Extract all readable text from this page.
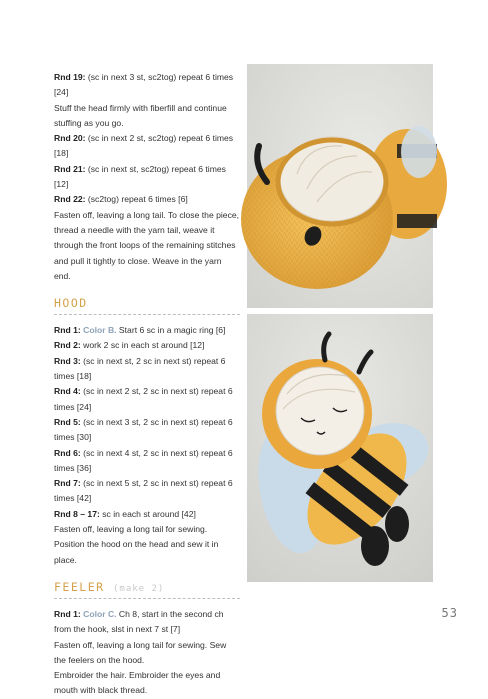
Rnd 19: (sc in next 3 st, sc2tog) repeat 6 times [24]

Stuff the head firmly with fiberfill and continue stuffing as you go.

Rnd 20: (sc in next 2 st, sc2tog) repeat 6 times [18]

Rnd 21: (sc in next st, sc2tog) repeat 6 times [12]

Rnd 22: (sc2tog) repeat 6 times [6]

Fasten off, leaving a long tail. To close the piece, thread a needle with the yarn tail, weave it through the front loops of the remaining stitches and pull it tightly to close. Weave in the yarn end.

HOOD

Rnd 1: Color B. Start 6 sc in a magic ring [6]

Rnd 2: work 2 sc in each st around [12]

Rnd 3: (sc in next st, 2 sc in next st) repeat 6 times [18]

Rnd 4: (sc in next 2 st, 2 sc in next st) repeat 6 times [24]

Rnd 5: (sc in next 3 st, 2 sc in next st) repeat 6 times [30]

Rnd 6: (sc in next 4 st, 2 sc in next st) repeat 6 times [36]

Rnd 7: (sc in next 5 st, 2 sc in next st) repeat 6 times [42]

Rnd 8 – 17: sc in each st around [42]

Fasten off, leaving a long tail for sewing. Position the hood on the head and sew it in place.

FEELER (make 2)

Rnd 1: Color C. Ch 8, start in the second ch from the hook, slst in next 7 st [7]

Fasten off, leaving a long tail for sewing. Sew the feelers on the hood.

Embroider the hair. Embroider the eyes and mouth with black thread.

53
